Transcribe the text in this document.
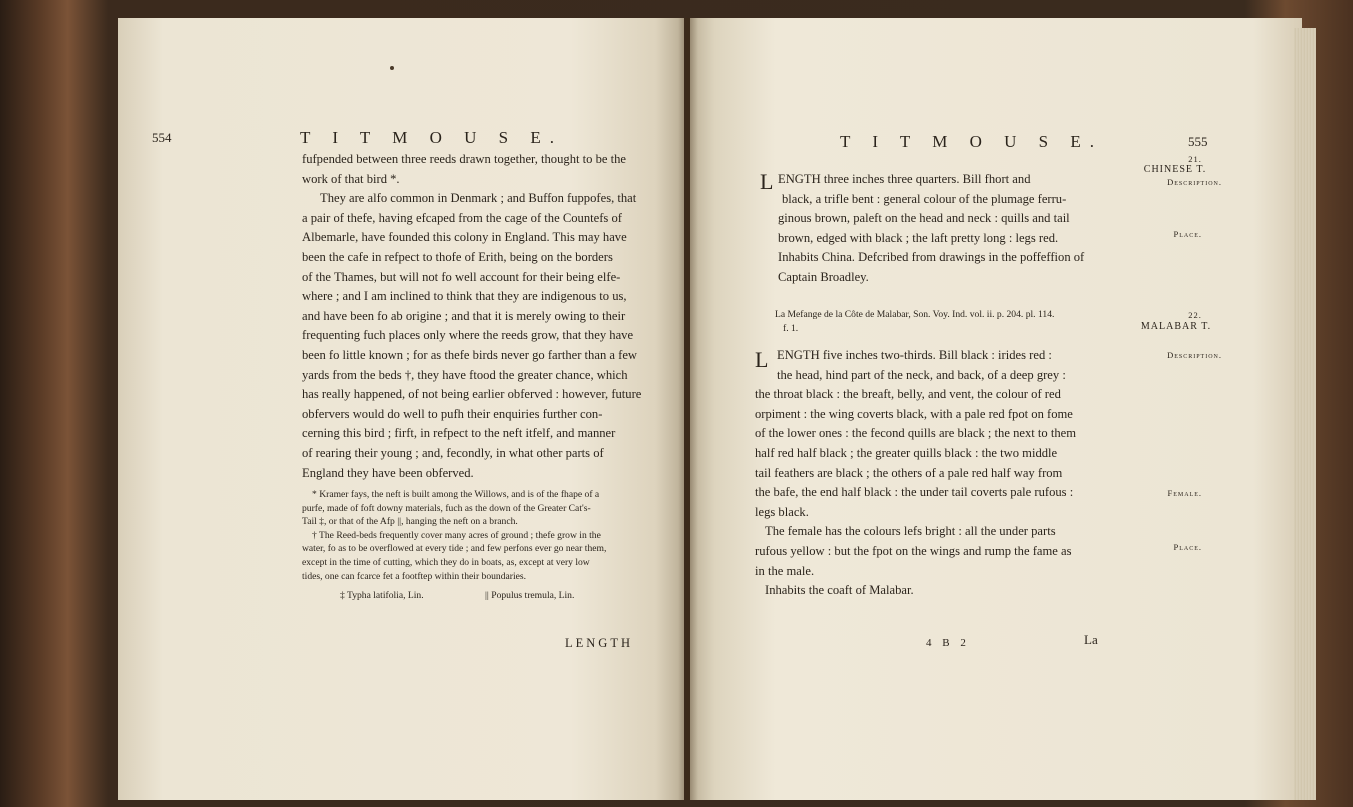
554	T I T M O U S E.
fufpended between three reeds drawn together, thought to be the
work of that bird *.
They are alfo common in Denmark ; and Buffon fuppofes, that
a pair of thefe, having efcaped from the cage of the Countefs of
Albemarle, have founded this colony in England. This may have
been the cafe in refpect to thofe of Erith, being on the borders
of the Thames, but will not fo well account for their being elfe-
where ; and I am inclined to think that they are indigenous to us,
and have been fo ab origine ; and that it is merely owing to their
frequenting fuch places only where the reeds grow, that they have
been fo little known ; for as thefe birds never go farther than a few
yards from the beds †, they have ftood the greater chance, which
has really happened, of not being earlier obferved : however, future
obfervers would do well to pufh their enquiries further con-
cerning this bird ; firft, in refpect to the neft itfelf, and manner
of rearing their young ; and, fecondly, in what other parts of
England they have been obferved.
* Kramer fays, the neft is built among the Willows, and is of the fhape of a
purfe, made of foft downy materials, fuch as the down of the Greater Cat's-
Tail ‡, or that of the Afp ||, hanging the neft on a branch.
† The Reed-beds frequently cover many acres of ground ; thefe grow in the
water, fo as to be overflowed at every tide ; and few perfons ever go near them,
except in the time of cutting, which they do in boats, as, except at very low
tides, one can fcarce fet a footftep within their boundaries.
‡ Typha latifolia, Lin.	|| Populus tremula, Lin.
LENGTH
T I T M O U S E.	555
21.
CHINESE T.
Description.
Place.
L ENGTH three inches three quarters. Bill fhort and
black, a trifle bent : general colour of the plumage ferru-
ginous brown, paleft on the head and neck : quills and tail
brown, edged with black ; the laft pretty long : legs red.
Inhabits China. Defcribed from drawings in the poffeffion of
Captain Broadley.
22.
MALABAR T.
La Mefange de la Côte de Malabar, Son. Voy. Ind. vol. ii. p. 204. pl. 114.
f. 1.
Description.
Female.
Place.
L ENGTH five inches two-thirds. Bill black : irides red :
the head, hind part of the neck, and back, of a deep grey :
the throat black : the breaft, belly, and vent, the colour of red
orpiment : the wing coverts black, with a pale red fpot on fome
of the lower ones : the fecond quills are black ; the next to them
half red half black ; the greater quills black : the two middle
tail feathers are black ; the others of a pale red half way from
the bafe, the end half black : the under tail coverts pale rufous :
legs black.
The female has the colours lefs bright : all the under parts
rufous yellow : but the fpot on the wings and rump the fame as
in the male.
Inhabits the coaft of Malabar.
4 B 2	La
